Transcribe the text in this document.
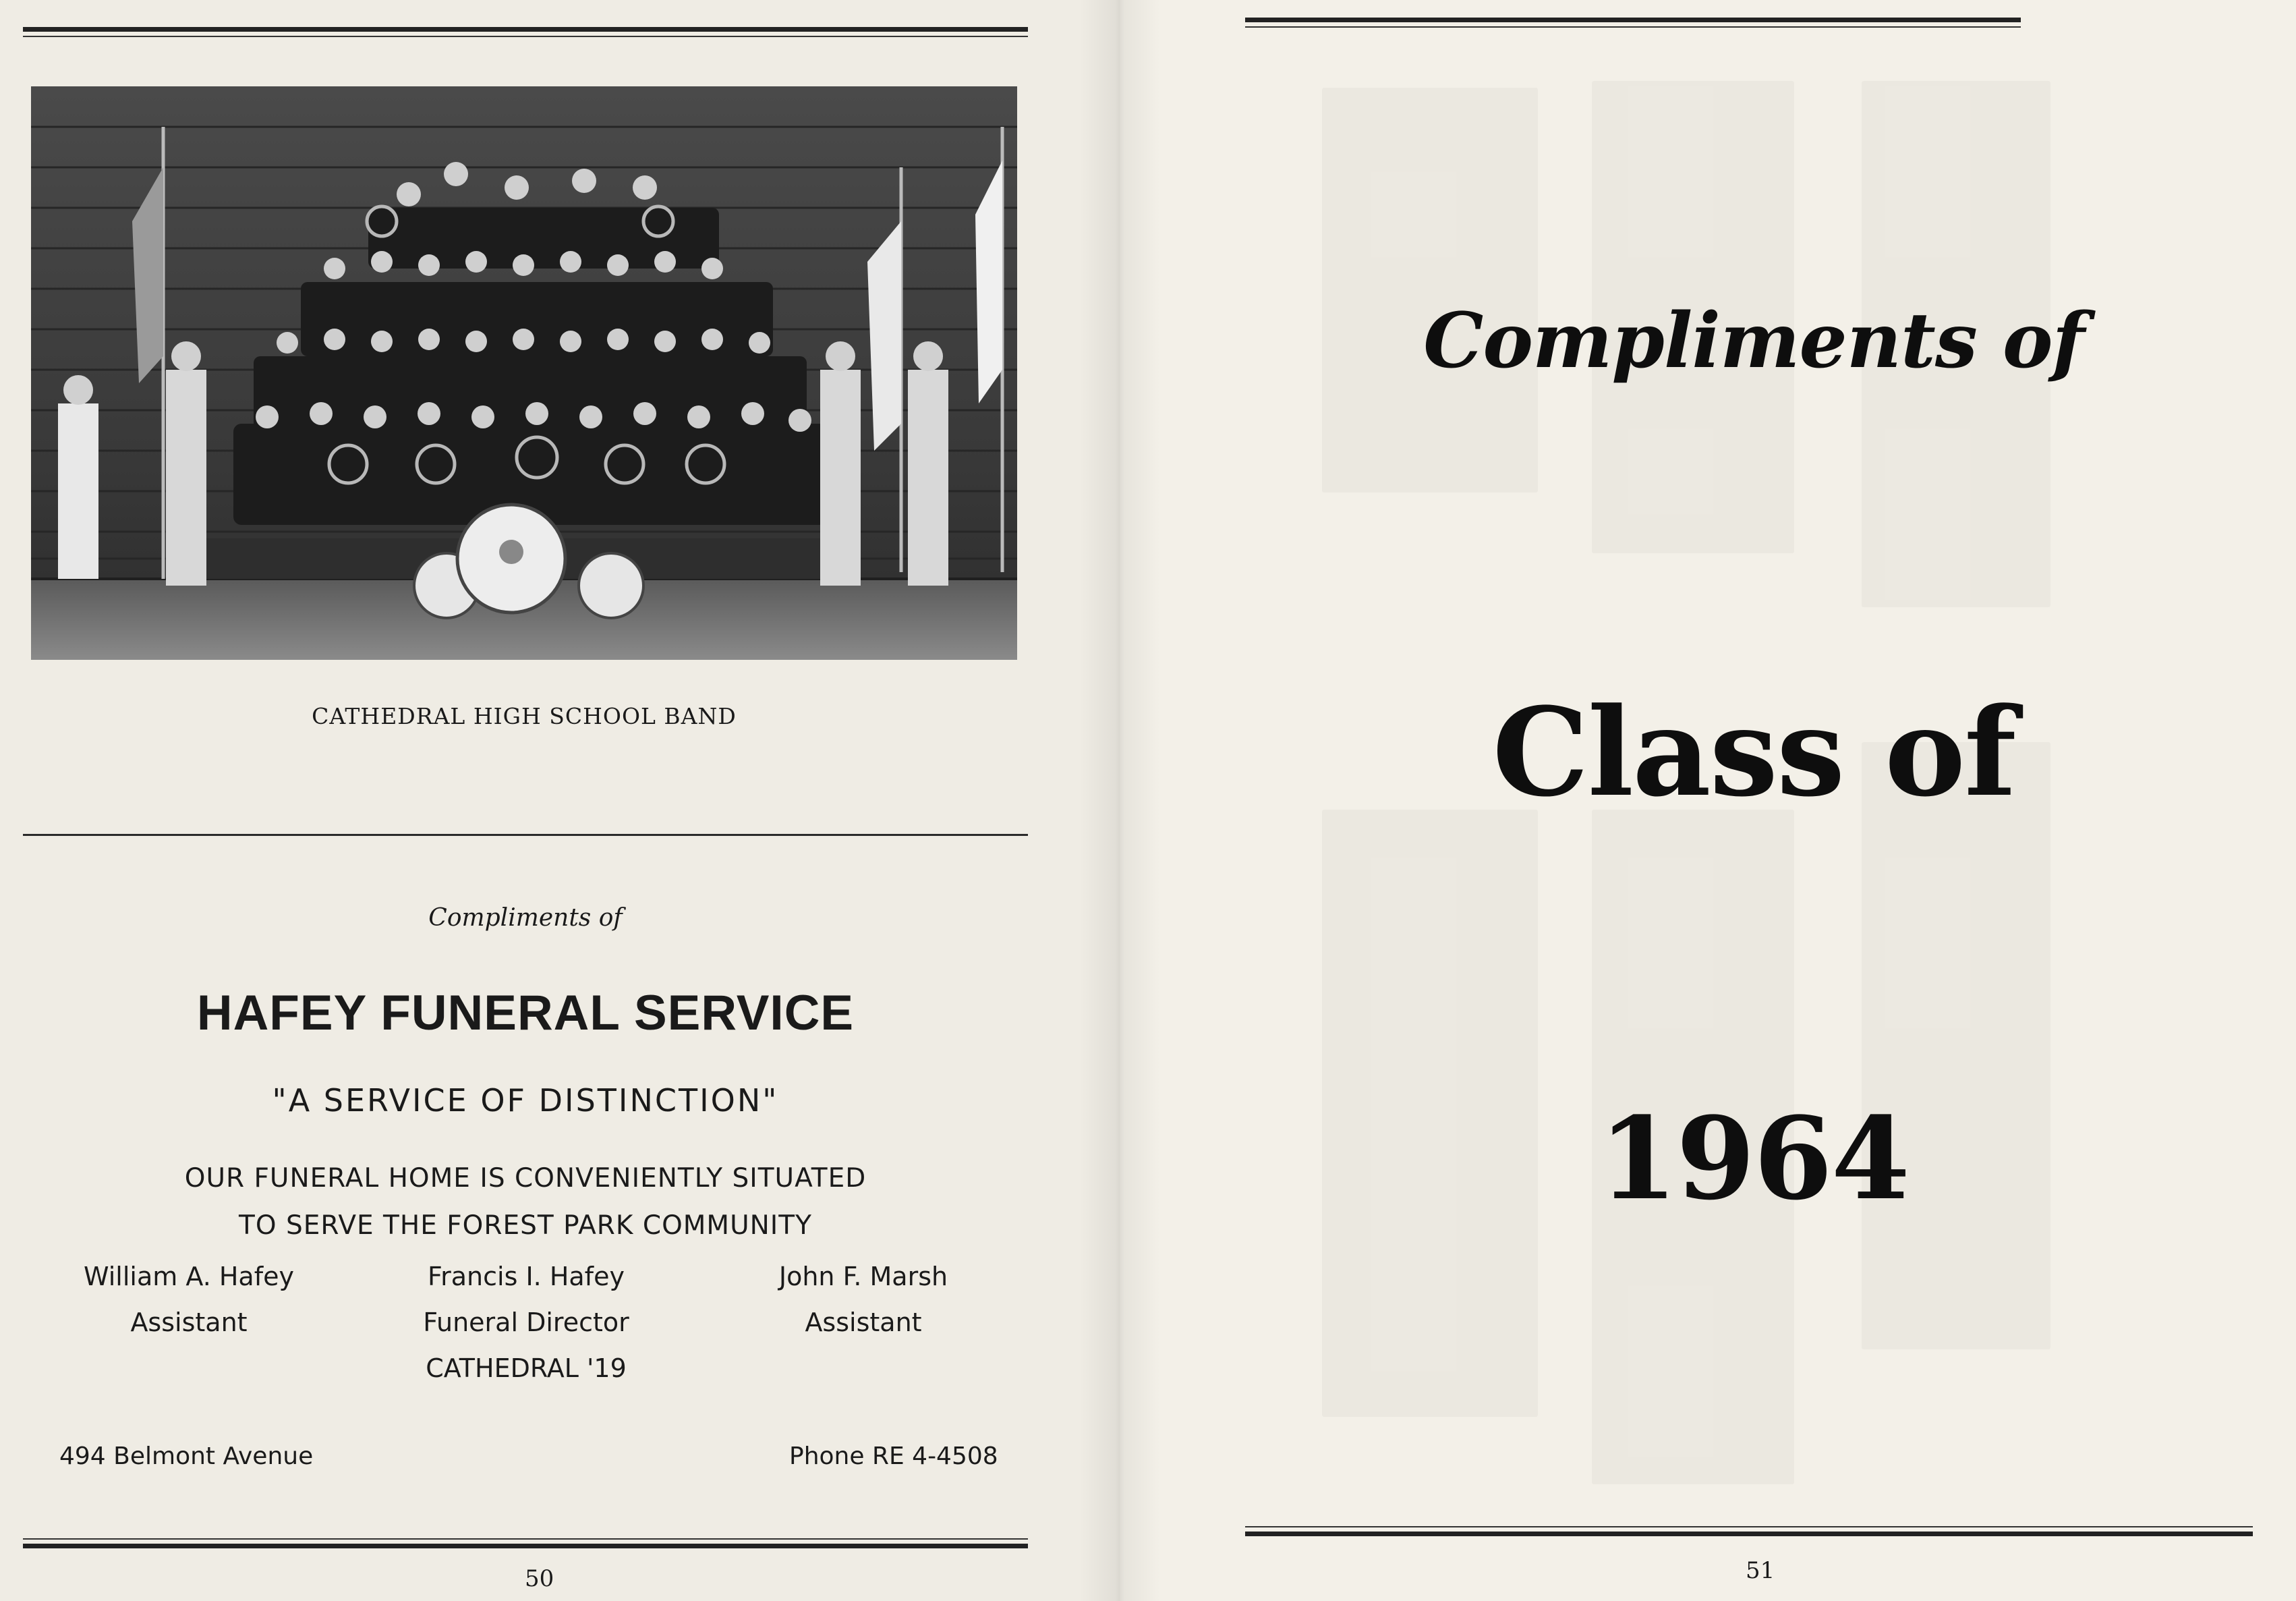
CATHEDRAL HIGH SCHOOL BAND
Compliments of
HAFEY FUNERAL SERVICE
"A SERVICE OF DISTINCTION"
OUR FUNERAL HOME IS CONVENIENTLY SITUATED
TO SERVE THE FOREST PARK COMMUNITY
William A. Hafey
Assistant
Francis I. Hafey
Funeral Director
CATHEDRAL '19
John F. Marsh
Assistant
494 Belmont Avenue	Phone RE 4-4508
50
Compliments of
Class of
1964
51
